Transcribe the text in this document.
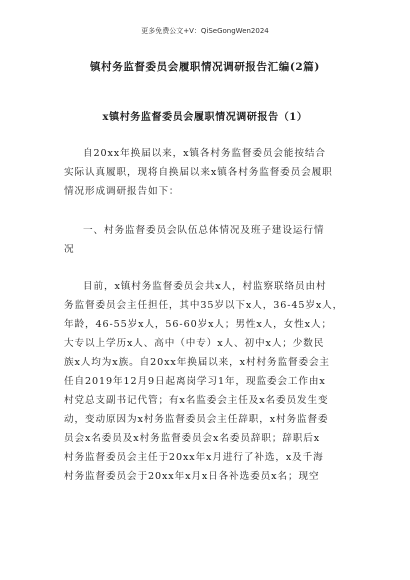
更多免费公文+V：QiSeGongWen2024
镇村务监督委员会履职情况调研报告汇编(2篇)
x镇村务监督委员会履职情况调研报告（1）

自20xx年换届以来，x镇各村务监督委员会能按结合
实际认真履职，现将自换届以来x镇各村务监督委员会履职
情况形成调研报告如下：

一、村务监督委员会队伍总体情况及班子建设运行情
况

目前，x镇村务监督委员会共x人，村监察联络员由村
务监督委员会主任担任，其中35岁以下x人，36-45岁x人，
年龄，46-55岁x人，56-60岁x人；男性x人，女性x人；
大专以上学历x人、高中（中专）x人、初中x人；少数民
族x人均为x族。自20xx年换届以来，x村村务监督委会主
任自2019年12月9日起离岗学习1年，现监委会工作由x
村党总支副书记代管；有x名监委会主任及x名委员发生变
动，变动原因为x村务监督委员会主任辞职，x村务监督委
员会x名委员及x村务监督委员会x名委员辞职；辞职后x
村务监督委员会主任于20xx年x月进行了补选，x及千海
村务监督委员会于20xx年x月x日各补选委员x名；现空
